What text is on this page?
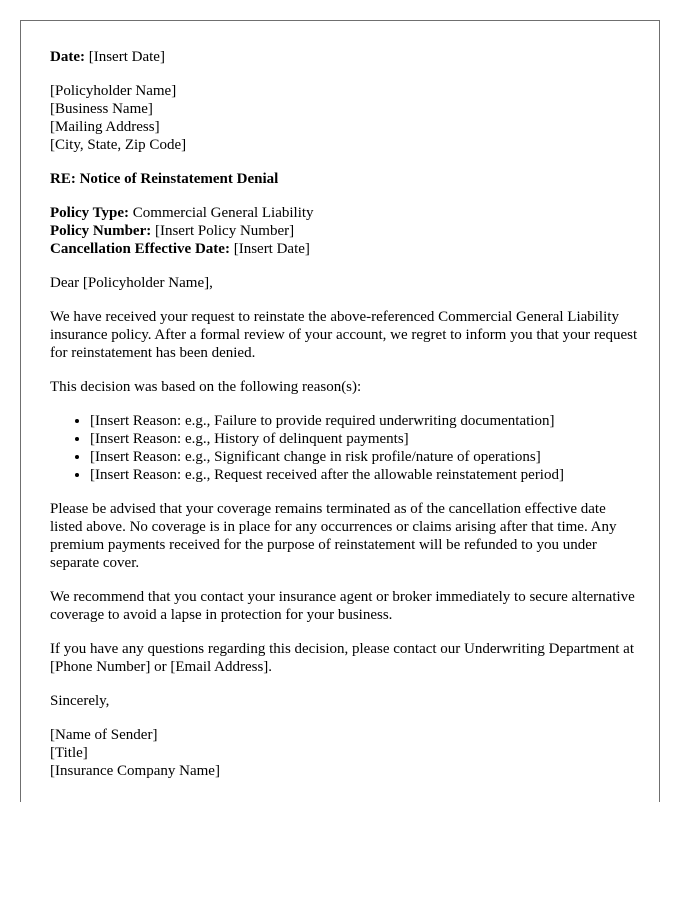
Date: [Insert Date]

[Policyholder Name]
[Business Name]
[Mailing Address]
[City, State, Zip Code]

RE: Notice of Reinstatement Denial

Policy Type: Commercial General Liability
Policy Number: [Insert Policy Number]
Cancellation Effective Date: [Insert Date]

Dear [Policyholder Name],

We have received your request to reinstate the above-referenced Commercial General Liability insurance policy. After a formal review of your account, we regret to inform you that your request for reinstatement has been denied.

This decision was based on the following reason(s):

• [Insert Reason: e.g., Failure to provide required underwriting documentation]
• [Insert Reason: e.g., History of delinquent payments]
• [Insert Reason: e.g., Significant change in risk profile/nature of operations]
• [Insert Reason: e.g., Request received after the allowable reinstatement period]

Please be advised that your coverage remains terminated as of the cancellation effective date listed above. No coverage is in place for any occurrences or claims arising after that time. Any premium payments received for the purpose of reinstatement will be refunded to you under separate cover.

We recommend that you contact your insurance agent or broker immediately to secure alternative coverage to avoid a lapse in protection for your business.

If you have any questions regarding this decision, please contact our Underwriting Department at [Phone Number] or [Email Address].

Sincerely,

[Name of Sender]
[Title]
[Insurance Company Name]
